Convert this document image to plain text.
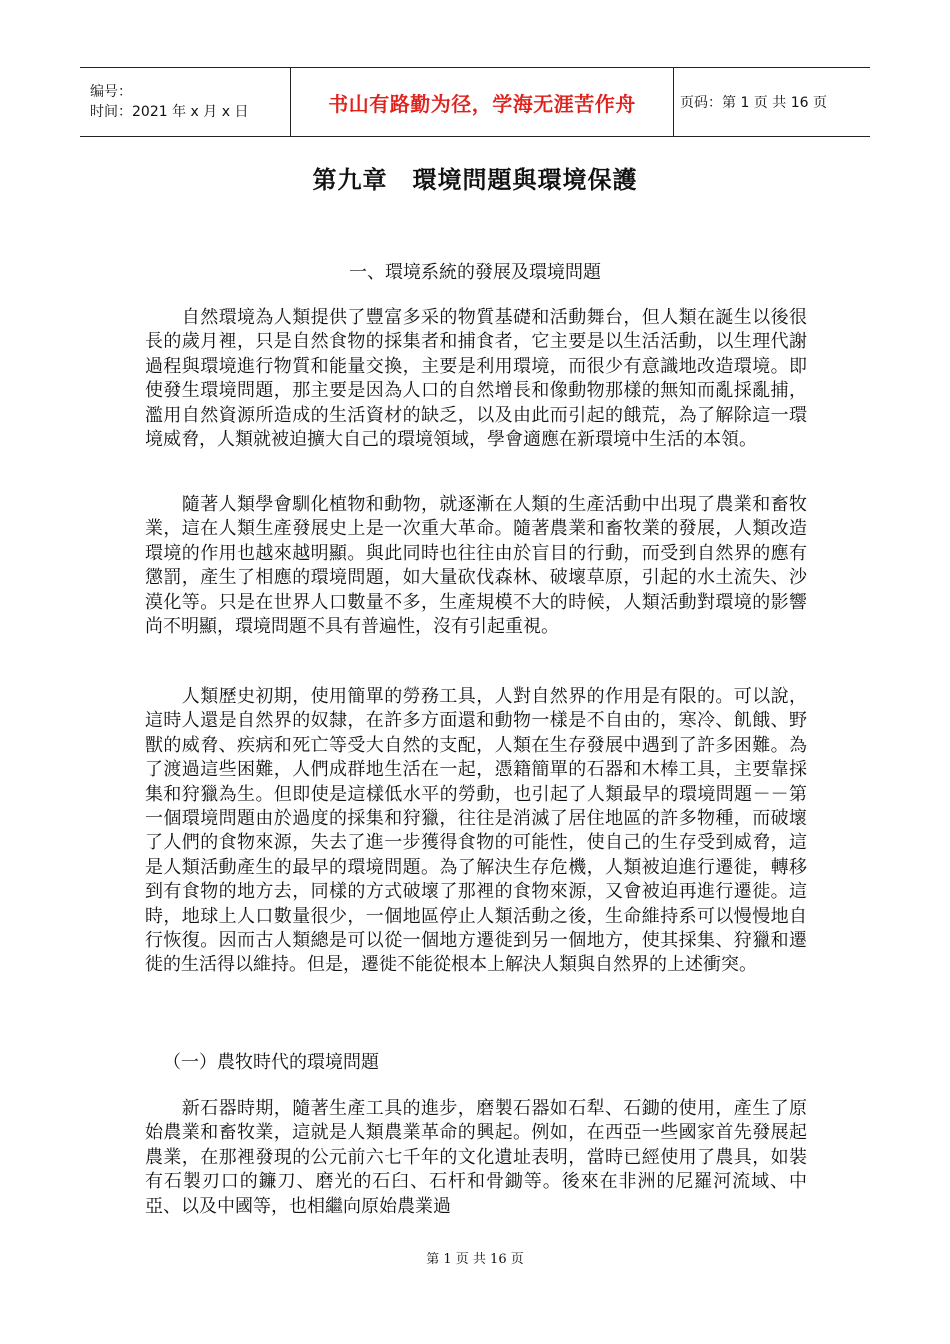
编号：
时间：2021 年 x 月 x 日	书山有路勤为径，学海无涯苦作舟	页码：第 1 页 共 16 页
第九章　環境問題與環境保護
一、環境系統的發展及環境問題

　　自然環境為人類提供了豐富多采的物質基礎和活動舞台，但人類在誕生以後很長的歲月裡，只是自然食物的採集者和捕食者，它主要是以生活活動，以生理代謝過程與環境進行物質和能量交換，主要是利用環境，而很少有意識地改造環境。即使發生環境問題，那主要是因為人口的自然增長和像動物那樣的無知而亂採亂捕，濫用自然資源所造成的生活資材的缺乏，以及由此而引起的餓荒，為了解除這一環境威脅，人類就被迫擴大自己的環境領域，學會適應在新環境中生活的本領。

　　隨著人類學會馴化植物和動物，就逐漸在人類的生產活動中出現了農業和畜牧業，這在人類生產發展史上是一次重大革命。隨著農業和畜牧業的發展，人類改造環境的作用也越來越明顯。與此同時也往往由於盲目的行動，而受到自然界的應有懲罰，產生了相應的環境問題，如大量砍伐森林、破壞草原，引起的水土流失、沙漠化等。只是在世界人口數量不多，生產規模不大的時候，人類活動對環境的影響尚不明顯，環境問題不具有普遍性，沒有引起重視。

　　人類歷史初期，使用簡單的勞務工具，人對自然界的作用是有限的。可以說，這時人還是自然界的奴隸，在許多方面還和動物一樣是不自由的，寒冷、飢餓、野獸的威脅、疾病和死亡等受大自然的支配，人類在生存發展中遇到了許多困難。為了渡過這些困難，人們成群地生活在一起，憑籍簡單的石器和木棒工具，主要靠採集和狩獵為生。但即使是這樣低水平的勞動，也引起了人類最早的環境問題－－第一個環境問題由於過度的採集和狩獵，往往是消滅了居住地區的許多物種，而破壞了人們的食物來源，失去了進一步獲得食物的可能性，使自己的生存受到威脅，這是人類活動產生的最早的環境問題。為了解決生存危機，人類被迫進行遷徙，轉移到有食物的地方去，同樣的方式破壞了那裡的食物來源，又會被迫再進行遷徙。這時，地球上人口數量很少，一個地區停止人類活動之後，生命維持系可以慢慢地自行恢復。因而古人類總是可以從一個地方遷徙到另一個地方，使其採集、狩獵和遷徙的生活得以維持。但是，遷徙不能從根本上解決人類與自然界的上述衝突。

（一）農牧時代的環境問題

　　新石器時期，隨著生產工具的進步，磨製石器如石犁、石鋤的使用，產生了原始農業和畜牧業，這就是人類農業革命的興起。例如，在西亞一些國家首先發展起農業，在那裡發現的公元前六七千年的文化遺址表明，當時已經使用了農具，如裝有石製刃口的鐮刀、磨光的石臼、石杆和骨鋤等。後來在非洲的尼羅河流域、中亞、以及中國等，也相繼向原始農業過

第 1 页 共 16 页
